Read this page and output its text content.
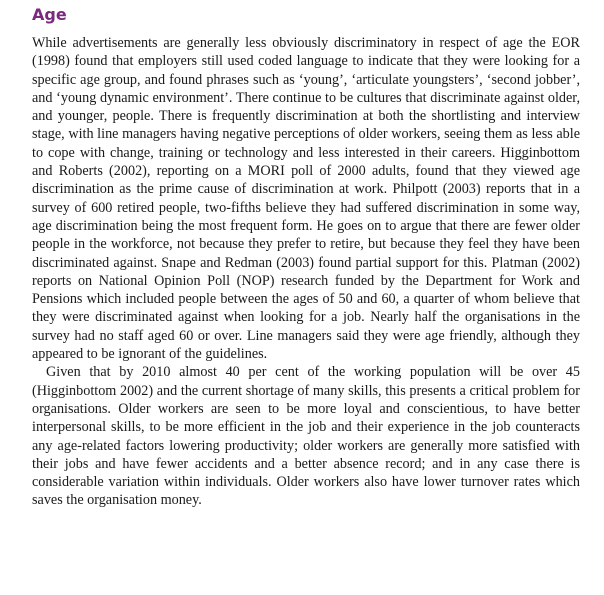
Age

While advertisements are generally less obviously discriminatory in respect of age the EOR (1998) found that employers still used coded language to indicate that they were looking for a specific age group, and found phrases such as ‘young’, ‘articulate youngsters’, ‘second jobber’, and ‘young dynamic environment’. There continue to be cultures that discriminate against older, and younger, people. There is frequently discrimination at both the shortlisting and interview stage, with line managers having negative perceptions of older workers, seeing them as less able to cope with change, training or technology and less interested in their careers. Higginbottom and Roberts (2002), reporting on a MORI poll of 2000 adults, found that they viewed age discrimination as the prime cause of discrimination at work. Philpott (2003) reports that in a survey of 600 retired people, two-fifths believe they had suffered discrimination in some way, age discrimination being the most frequent form. He goes on to argue that there are fewer older people in the workforce, not because they prefer to retire, but because they feel they have been discriminated against. Snape and Redman (2003) found partial support for this. Platman (2002) reports on National Opinion Poll (NOP) research funded by the Department for Work and Pensions which included people between the ages of 50 and 60, a quarter of whom believe that they were discriminated against when looking for a job. Nearly half the organisations in the survey had no staff aged 60 or over. Line managers said they were age friendly, although they appeared to be ignorant of the guidelines.

Given that by 2010 almost 40 per cent of the working population will be over 45 (Higginbottom 2002) and the current shortage of many skills, this presents a critical problem for organisations. Older workers are seen to be more loyal and conscientious, to have better interpersonal skills, to be more efficient in the job and their experience in the job counteracts any age-related factors lowering productivity; older workers are generally more satisfied with their jobs and have fewer accidents and a better absence record; and in any case there is considerable variation within individuals. Older workers also have lower turnover rates which saves the organisation money.
